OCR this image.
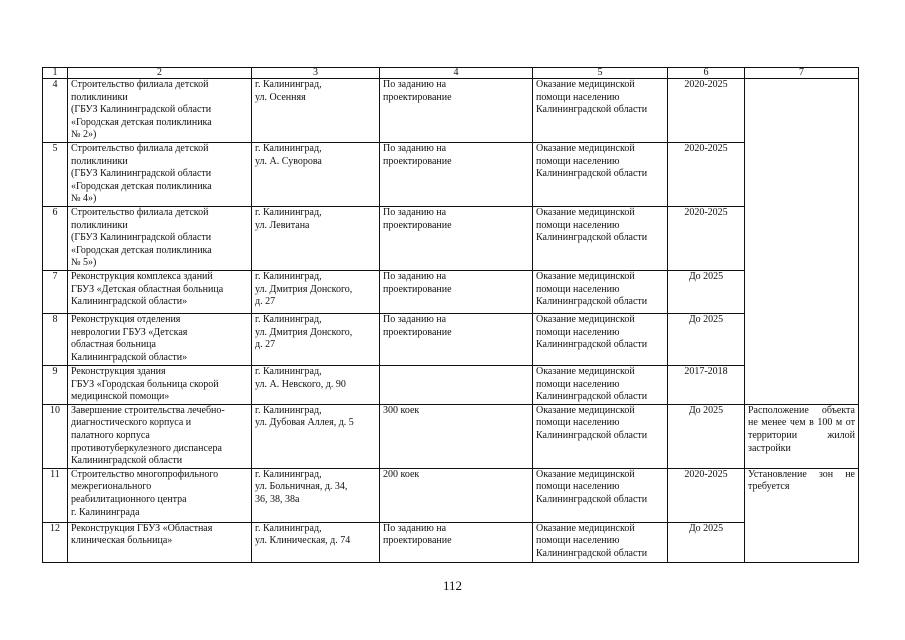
1	2	3	4	5	6	7
4	Строительство филиала детской
поликлиники
(ГБУЗ Калининградской области
«Городская детская поликлиника
№ 2»)	г. Калининград,
ул. Осенняя	По заданию на
проектирование	Оказание медицинской
помощи населению
Калининградской области	2020-2025	
5	Строительство филиала детской
поликлиники
(ГБУЗ Калининградской области
«Городская детская поликлиника
№ 4»)	г. Калининград,
ул. А. Суворова	По заданию на
проектирование	Оказание медицинской
помощи населению
Калининградской области	2020-2025	
6	Строительство филиала детской
поликлиники
(ГБУЗ Калининградской области
«Городская детская поликлиника
№ 5»)	г. Калининград,
ул. Левитана	По заданию на
проектирование	Оказание медицинской
помощи населению
Калининградской области	2020-2025	
7	Реконструкция комплекса зданий
ГБУЗ «Детская областная больница
Калининградской области»	г. Калининград,
ул. Дмитрия Донского,
д. 27	По заданию на
проектирование	Оказание медицинской
помощи населению
Калининградской области	До 2025	
8	Реконструкция отделения
неврологии ГБУЗ «Детская
областная больница
Калининградской области»	г. Калининград,
ул. Дмитрия Донского,
д. 27	По заданию на
проектирование	Оказание медицинской
помощи населению
Калининградской области	До 2025	
9	Реконструкция здания
ГБУЗ «Городская больница скорой
медицинской помощи»	г. Калининград,
ул. А. Невского, д. 90		Оказание медицинской
помощи населению
Калининградской области	2017-2018	
10	Завершение строительства лечебно-
диагностического корпуса и
палатного корпуса
противотуберкулезного диспансера
Калининградской области	г. Калининград,
ул. Дубовая Аллея, д. 5	300 коек	Оказание медицинской
помощи населению
Калининградской области	До 2025	Расположение объекта не менее чем в 100 м от территории жилой застройки
11	Строительство многопрофильного
межрегионального
реабилитационного центра
г. Калининграда	г. Калининград,
ул. Больничная, д. 34,
36, 38, 38а	200 коек	Оказание медицинской
помощи населению
Калининградской области	2020-2025	Установление зон не требуется
12	Реконструкция ГБУЗ «Областная
клиническая больница»	г. Калининград,
ул. Клиническая, д. 74	По заданию на
проектирование	Оказание медицинской
помощи населению
Калининградской области	До 2025	
112
